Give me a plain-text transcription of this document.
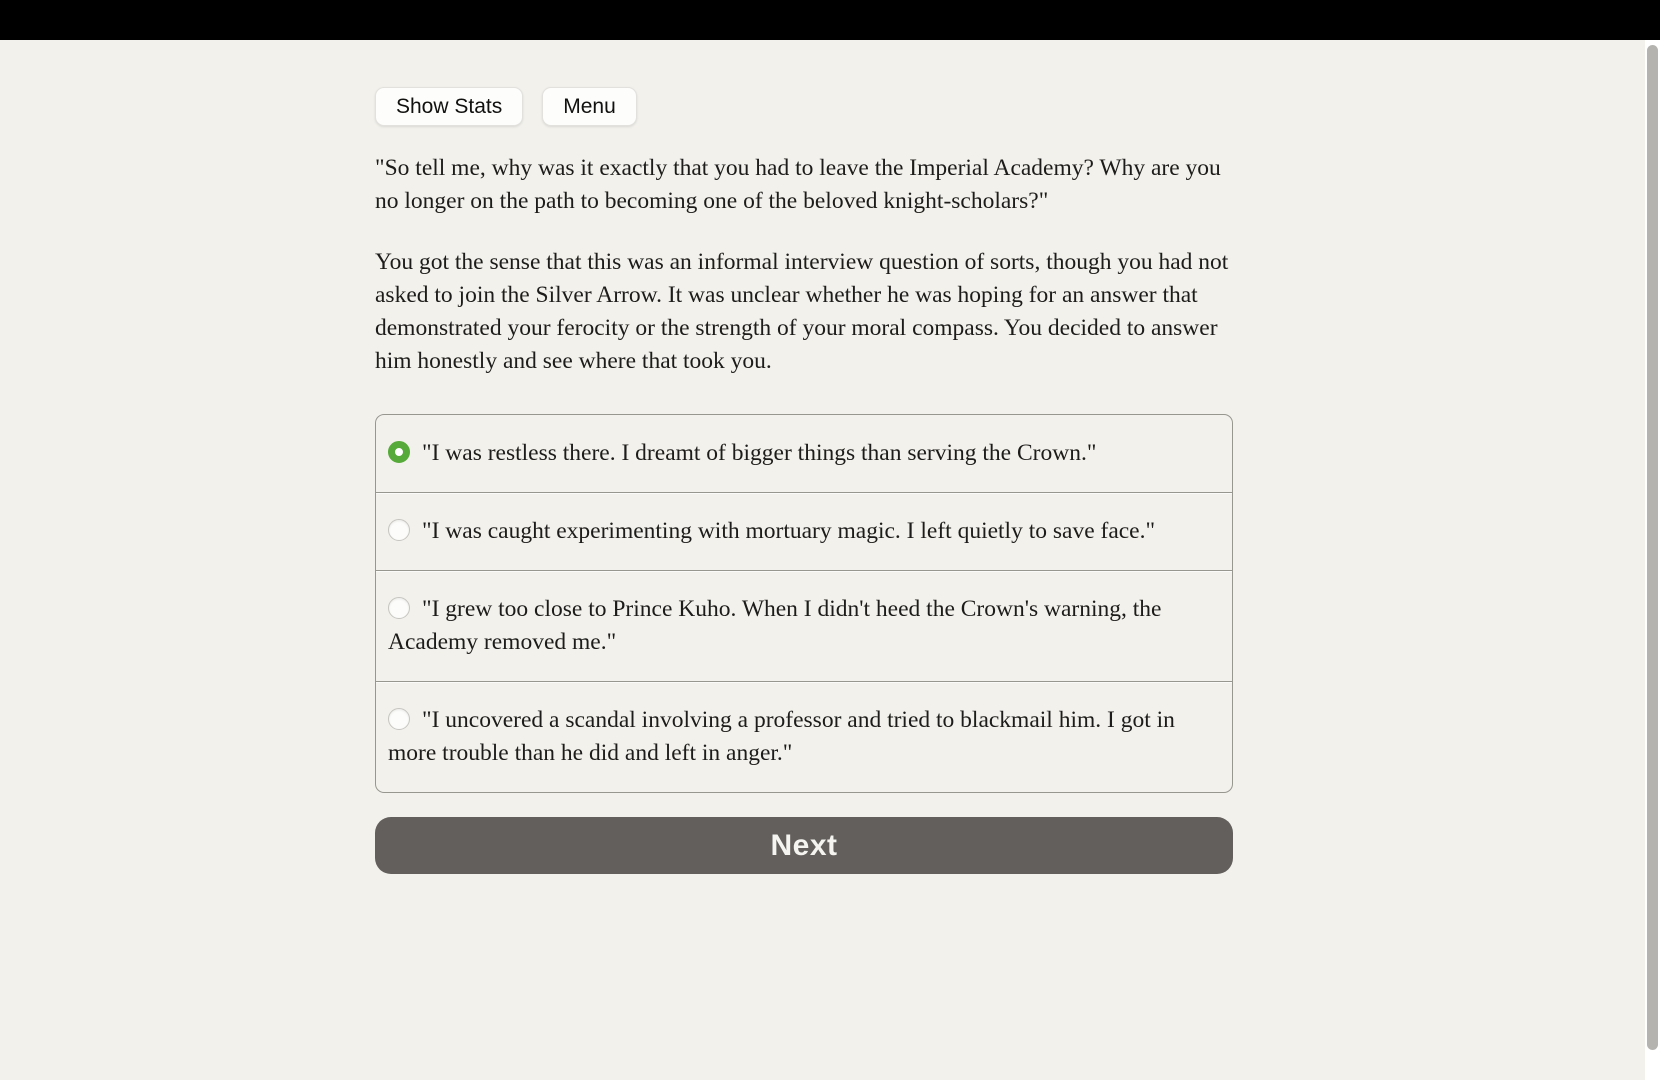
Show Stats	Menu

"So tell me, why was it exactly that you had to leave the Imperial Academy? Why are you no longer on the path to becoming one of the beloved knight-scholars?"

You got the sense that this was an informal interview question of sorts, though you had not asked to join the Silver Arrow. It was unclear whether he was hoping for an answer that demonstrated your ferocity or the strength of your moral compass. You decided to answer him honestly and see where that took you.

"I was restless there. I dreamt of bigger things than serving the Crown."
"I was caught experimenting with mortuary magic. I left quietly to save face."
"I grew too close to Prince Kuho. When I didn't heed the Crown's warning, the Academy removed me."
"I uncovered a scandal involving a professor and tried to blackmail him. I got in more trouble than he did and left in anger."
Next
